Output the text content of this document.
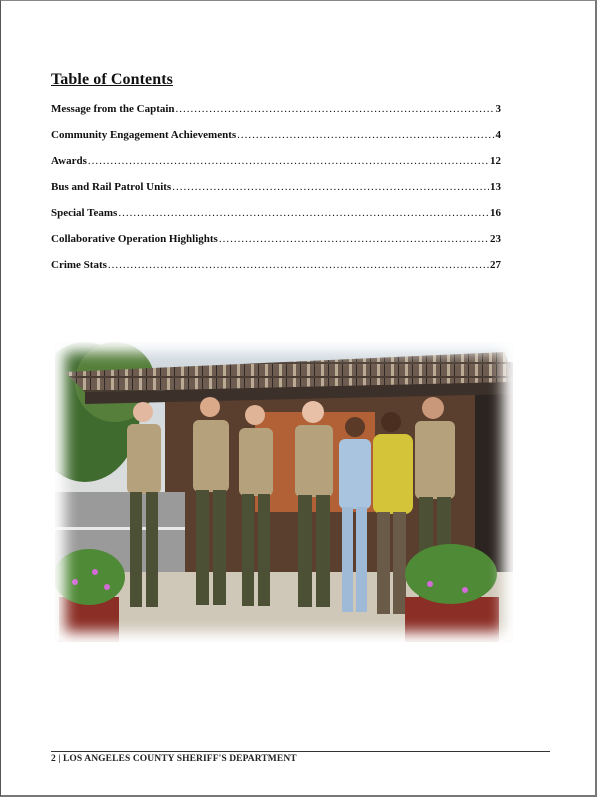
Table of Contents
Message from the Captain .....	3
Community Engagement Achievements .....	4
Awards .....	12
Bus and Rail Patrol Units .....	13
Special Teams .....	16
Collaborative Operation Highlights .....	23
Crime Stats .....	27
2 | LOS ANGELES COUNTY SHERIFF'S DEPARTMENT
